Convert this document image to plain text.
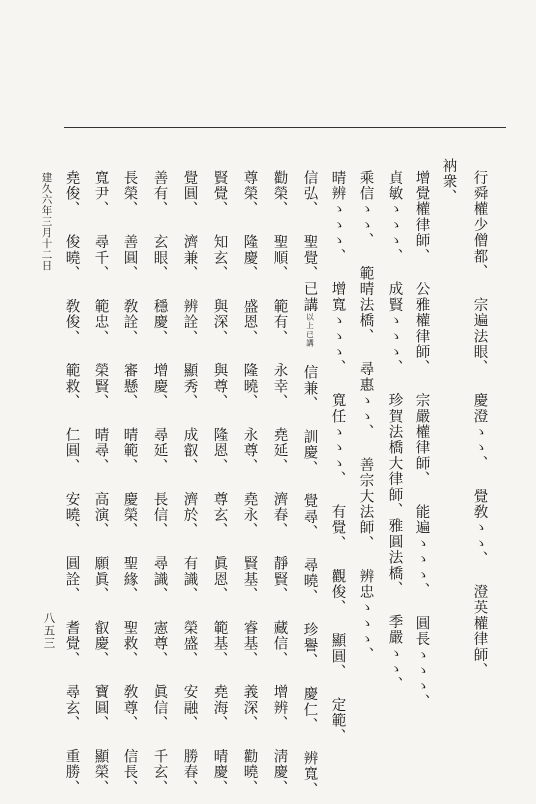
行舜權少僧都、 宗遍法眼、 慶澄ゝゝ、 覺敎ゝゝ、 澄英權律師、

衲衆、

增覺權律師、 公雅權律師、 宗嚴權律師、 能遍ゝゝゝ、 圓長ゝゝゝ、

貞敏ゝゝゝ、 成賢ゝゝゝ、 珍賀法橋大律師、雅圓法橋、 季嚴ゝゝ、

乘信ゝゝ、 範晴法橋、 尋惠ゝゝ、 善宗大法師、 辨忠ゝゝゝ、

晴辨ゝゝゝ、 增寬ゝゝゝ、 寬任ゝゝゝ、 有覺、 觀俊、 顯圓、 定範、

信弘、 聖覺、已講以上已講 信兼、 訓慶、 覺尋、 尋曉、 珍譽、 慶仁、 辨寬、

勸榮、 聖順、 範有、 永幸、 堯延、 濟春、 靜賢、 藏信、 增辨、 淸慶、

尊榮、 隆慶、 盛恩、 隆曉、 永尊、 堯永、 賢基、 睿基、 義深、 勸曉、

賢覺、 知玄、 與深、 與尊、 隆恩、 尊玄、 眞恩、 範基、 堯海、 晴慶、

覺圓、 濟兼、 辨詮、 顯秀、 成叡、 濟於、 有識、 榮盛、 安融、 勝春、

善有、 玄眼、 穩慶、 增慶、 尋延、 長信、 尋識、 憲尊、 眞信、 千玄、

長榮、 善圓、 敎詮、 審懸、 晴範、 慶榮、 聖緣、 聖救、 敎尊、 信長、

寬尹、 尋千、 範忠、 榮賢、 晴尋、 高演、 願眞、 叡慶、 寶圓、 顯榮、

堯俊、 俊曉、 敎俊、 範救、 仁圓、 安曉、 圓詮、 耆覺、 尋玄、 重勝、

建久六年三月十二日

八五三
